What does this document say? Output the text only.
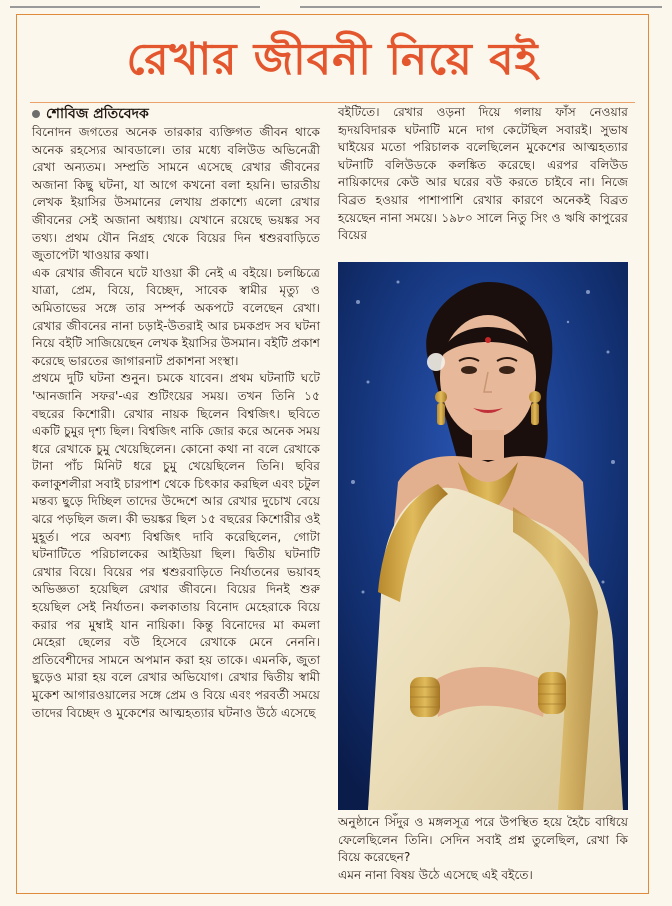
রেখার জীবনী নিয়ে বই
শোবিজ প্রতিবেদক

বিনোদন জগতের অনেক তারকার ব্যক্তিগত জীবন থাকে অনেক রহস্যের আবডালে। তার মধ্যে বলিউড অভিনেত্রী রেখা অন্যতম। সম্প্রতি সামনে এসেছে রেখার জীবনের অজানা কিছু ঘটনা, যা আগে কখনো বলা হয়নি। ভারতীয় লেখক ইয়াসির উসমানের লেখায় প্রকাশ্যে এলো রেখার জীবনের সেই অজানা অধ্যায়। যেখানে রয়েছে ভয়ঙ্কর সব তথ্য। প্রথম যৌন নিগ্রহ থেকে বিয়ের দিন শ্বশুরবাড়িতে জুতাপেটা খাওয়ার কথা।

এক রেখার জীবনে ঘটে যাওয়া কী নেই এ বইয়ে। চলচ্চিত্রে যাত্রা, প্রেম, বিয়ে, বিচ্ছেদ, সাবেক স্বামীর মৃত্যু ও অমিতাভের সঙ্গে তার সম্পর্ক অকপটে বলেছেন রেখা। রেখার জীবনের নানা চড়াই-উতরাই আর চমকপ্রদ সব ঘটনা নিয়ে বইটি সাজিয়েছেন লেখক ইয়াসির উসমান। বইটি প্রকাশ করেছে ভারতের জাগারনাট প্রকাশনা সংস্থা।

প্রথমে দুটি ঘটনা শুনুন। চমকে যাবেন। প্রথম ঘটনাটি ঘটে 'আনজানি সফর'-এর শুটিংয়ের সময়। তখন তিনি ১৫ বছরের কিশোরী। রেখার নায়ক ছিলেন বিশ্বজিৎ। ছবিতে একটি চুমুর দৃশ্য ছিল। বিশ্বজিৎ নাকি জোর করে অনেক সময় ধরে রেখাকে চুমু খেয়েছিলেন। কোনো কথা না বলে রেখাকে টানা পাঁচ মিনিট ধরে চুমু খেয়েছিলেন তিনি। ছবির কলাকুশলীরা সবাই চারপাশ থেকে চিৎকার করছিল এবং চটুল মন্তব্য ছুড়ে দিচ্ছিল তাদের উদ্দেশে আর রেখার দুচোখ বেয়ে ঝরে পড়ছিল জল। কী ভয়ঙ্কর ছিল ১৫ বছরের কিশোরীর ওই মুহূর্ত। পরে অবশ্য বিশ্বজিৎ দাবি করেছিলেন, গোটা ঘটনাটিতে পরিচালকের আইডিয়া ছিল। দ্বিতীয় ঘটনাটি রেখার বিয়ে। বিয়ের পর শ্বশুরবাড়িতে নির্যাতনের ভয়াবহ অভিজ্ঞতা হয়েছিল রেখার জীবনে। বিয়ের দিনই শুরু হয়েছিল সেই নির্যাতন। কলকাতায় বিনোদ মেহেরাকে বিয়ে করার পর মুম্বাই যান নায়িকা। কিন্তু বিনোদের মা কমলা মেহেরা ছেলের বউ হিসেবে রেখাকে মেনে নেননি। প্রতিবেশীদের সামনে অপমান করা হয় তাকে। এমনকি, জুতা ছুড়েও মারা হয় বলে রেখার অভিযোগ। রেখার দ্বিতীয় স্বামী মুকেশ আগারওয়ালের সঙ্গে প্রেম ও বিয়ে এবং পরবর্তী সময়ে তাদের বিচ্ছেদ ও মুকেশের আত্মহত্যার ঘটনাও উঠে এসেছে

বইটিতে। রেখার ওড়না দিয়ে গলায় ফাঁস নেওয়ার হৃদয়বিদারক ঘটনাটি মনে দাগ কেটেছিল সবারই। সুভাষ ঘাইয়ের মতো পরিচালক বলেছিলেন মুকেশের আত্মহত্যার ঘটনাটি বলিউডকে কলঙ্কিত করেছে। এরপর বলিউড নায়িকাদের কেউ আর ঘরের বউ করতে চাইবে না। নিজে বিব্রত হওয়ার পাশাপাশি রেখার কারণে অনেকই বিব্রত হয়েছেন নানা সময়ে। ১৯৮০ সালে নিতু সিং ও ঋষি কাপুরের বিয়ের

অনুষ্ঠানে সিঁদুর ও মঙ্গলসূত্র পরে উপস্থিত হয়ে হৈচৈ বাধিয়ে ফেলেছিলেন তিনি। সেদিন সবাই প্রশ্ন তুলেছিল, রেখা কি বিয়ে করেছেন?

এমন নানা বিষয় উঠে এসেছে এই বইতে।
